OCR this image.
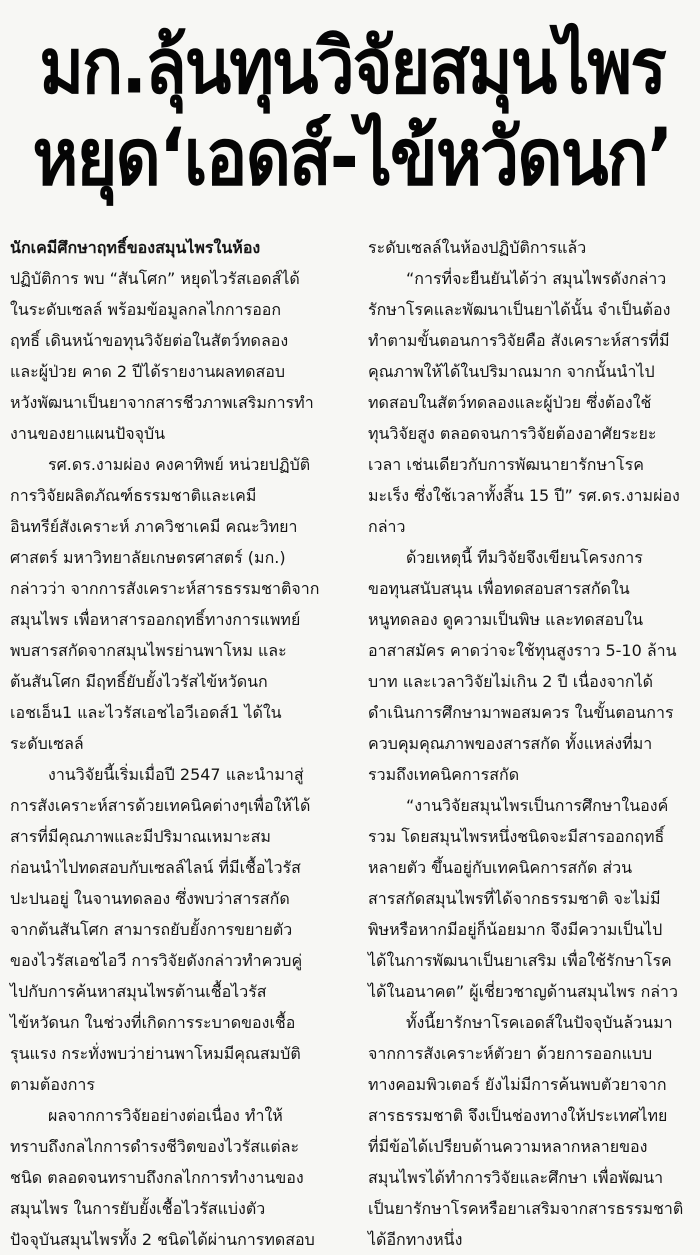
มก.ลุ้นทุนวิจัยสมุนไพร
หยุด‘เอดส์-ไข้หวัดนก’
นักเคมีศึกษาฤทธิ์ของสมุนไพรในห้อง
ปฏิบัติการ พบ “สันโศก” หยุดไวรัสเอดส์ได้
ในระดับเซลล์ พร้อมข้อมูลกลไกการออก
ฤทธิ์ เดินหน้าขอทุนวิจัยต่อในสัตว์ทดลอง
และผู้ป่วย คาด 2 ปีได้รายงานผลทดสอบ
หวังพัฒนาเป็นยาจากสารชีวภาพเสริมการทำ
งานของยาแผนปัจจุบัน
รศ.ดร.งามผ่อง คงคาทิพย์ หน่วยปฏิบัติ
การวิจัยผลิตภัณฑ์ธรรมชาติและเคมี
อินทรีย์สังเคราะห์ ภาควิชาเคมี คณะวิทยา
ศาสตร์ มหาวิทยาลัยเกษตรศาสตร์ (มก.)
กล่าวว่า จากการสังเคราะห์สารธรรมชาติจาก
สมุนไพร เพื่อหาสารออกฤทธิ์ทางการแพทย์
พบสารสกัดจากสมุนไพรย่านพาโหม และ
ต้นสันโศก มีฤทธิ์ยับยั้งไวรัสไข้หวัดนก
เอชเอ็น1 และไวรัสเอชไอวีเอดส์1 ได้ใน
ระดับเซลล์
งานวิจัยนี้เริ่มเมื่อปี 2547 และนำมาสู่
การสังเคราะห์สารด้วยเทคนิคต่างๆเพื่อให้ได้
สารที่มีคุณภาพและมีปริมาณเหมาะสม
ก่อนนำไปทดสอบกับเซลล์ไลน์ ที่มีเชื้อไวรัส
ปะปนอยู่ ในจานทดลอง ซึ่งพบว่าสารสกัด
จากต้นสันโศก สามารถยับยั้งการขยายตัว
ของไวรัสเอชไอวี การวิจัยดังกล่าวทำควบคู่
ไปกับการค้นหาสมุนไพรต้านเชื้อไวรัส
ไข้หวัดนก ในช่วงที่เกิดการระบาดของเชื้อ
รุนแรง กระทั่งพบว่าย่านพาโหมมีคุณสมบัติ
ตามต้องการ
ผลจากการวิจัยอย่างต่อเนื่อง ทำให้
ทราบถึงกลไกการดำรงชีวิตของไวรัสแต่ละ
ชนิด ตลอดจนทราบถึงกลไกการทำงานของ
สมุนไพร ในการยับยั้งเชื้อไวรัสแบ่งตัว
ปัจจุบันสมุนไพรทั้ง 2 ชนิดได้ผ่านการทดสอบ
ระดับเซลล์ในห้องปฏิบัติการแล้ว
“การที่จะยืนยันได้ว่า สมุนไพรดังกล่าว
รักษาโรคและพัฒนาเป็นยาได้นั้น จำเป็นต้อง
ทำตามขั้นตอนการวิจัยคือ สังเคราะห์สารที่มี
คุณภาพให้ได้ในปริมาณมาก จากนั้นนำไป
ทดสอบในสัตว์ทดลองและผู้ป่วย ซึ่งต้องใช้
ทุนวิจัยสูง ตลอดจนการวิจัยต้องอาศัยระยะ
เวลา เช่นเดียวกับการพัฒนายารักษาโรค
มะเร็ง ซึ่งใช้เวลาทั้งสิ้น 15 ปี” รศ.ดร.งามผ่อง
กล่าว
ด้วยเหตุนี้ ทีมวิจัยจึงเขียนโครงการ
ขอทุนสนับสนุน เพื่อทดสอบสารสกัดใน
หนูทดลอง ดูความเป็นพิษ และทดสอบใน
อาสาสมัคร คาดว่าจะใช้ทุนสูงราว 5-10 ล้าน
บาท และเวลาวิจัยไม่เกิน 2 ปี เนื่องจากได้
ดำเนินการศึกษามาพอสมควร ในขั้นตอนการ
ควบคุมคุณภาพของสารสกัด ทั้งแหล่งที่มา
รวมถึงเทคนิคการสกัด
“งานวิจัยสมุนไพรเป็นการศึกษาในองค์
รวม โดยสมุนไพรหนึ่งชนิดจะมีสารออกฤทธิ์
หลายตัว ขึ้นอยู่กับเทคนิคการสกัด ส่วน
สารสกัดสมุนไพรที่ได้จากธรรมชาติ จะไม่มี
พิษหรือหากมีอยู่ก็น้อยมาก จึงมีความเป็นไป
ได้ในการพัฒนาเป็นยาเสริม เพื่อใช้รักษาโรค
ได้ในอนาคต” ผู้เชี่ยวชาญด้านสมุนไพร กล่าว
ทั้งนี้ยารักษาโรคเอดส์ในปัจจุบันล้วนมา
จากการสังเคราะห์ตัวยา ด้วยการออกแบบ
ทางคอมพิวเตอร์ ยังไม่มีการค้นพบตัวยาจาก
สารธรรมชาติ จึงเป็นช่องทางให้ประเทศไทย
ที่มีข้อได้เปรียบด้านความหลากหลายของ
สมุนไพรได้ทำการวิจัยและศึกษา เพื่อพัฒนา
เป็นยารักษาโรคหรือยาเสริมจากสารธรรมชาติ
ได้อีกทางหนึ่ง
